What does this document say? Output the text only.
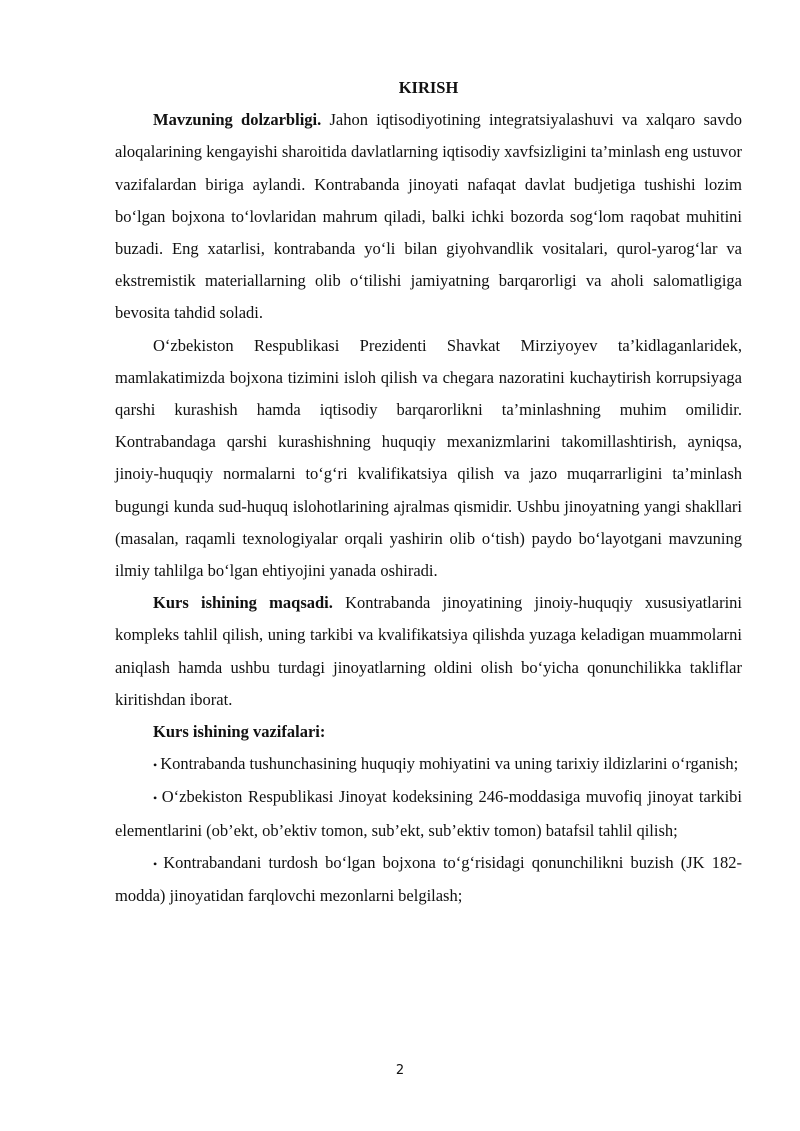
KIRISH

Mavzuning dolzarbligi. Jahon iqtisodiyotining integratsiyalashuvi va xalqaro savdo aloqalarining kengayishi sharoitida davlatlarning iqtisodiy xavfsizligini ta’minlash eng ustuvor vazifalardan biriga aylandi. Kontrabanda jinoyati nafaqat davlat budjetiga tushishi lozim bo‘lgan bojxona to‘lovlaridan mahrum qiladi, balki ichki bozorda sog‘lom raqobat muhitini buzadi. Eng xatarlisi, kontrabanda yo‘li bilan giyohvandlik vositalari, qurol-yarog‘lar va ekstremistik materiallarning olib o‘tilishi jamiyatning barqarorligi va aholi salomatligiga bevosita tahdid soladi.

O‘zbekiston Respublikasi Prezidenti Shavkat Mirziyoyev ta’kidlaganlaridek, mamlakatimizda bojxona tizimini isloh qilish va chegara nazoratini kuchaytirish korrupsiyaga qarshi kurashish hamda iqtisodiy barqarorlikni ta’minlashning muhim omilidir. Kontrabandaga qarshi kurashishning huquqiy mexanizmlarini takomillashtirish, ayniqsa, jinoiy-huquqiy normalarni to‘g‘ri kvalifikatsiya qilish va jazo muqarrarligini ta’minlash bugungi kunda sud-huquq islohotlarining ajralmas qismidir. Ushbu jinoyatning yangi shakllari (masalan, raqamli texnologiyalar orqali yashirin olib o‘tish) paydo bo‘layotgani mavzuning ilmiy tahlilga bo‘lgan ehtiyojini yanada oshiradi.

Kurs ishining maqsadi. Kontrabanda jinoyatining jinoiy-huquqiy xususiyatlarini kompleks tahlil qilish, uning tarkibi va kvalifikatsiya qilishda yuzaga keladigan muammolarni aniqlash hamda ushbu turdagi jinoyatlarning oldini olish bo‘yicha qonunchilikka takliflar kiritishdan iborat.

Kurs ishining vazifalari:

• Kontrabanda tushunchasining huquqiy mohiyatini va uning tarixiy ildizlarini o‘rganish;

• O‘zbekiston Respublikasi Jinoyat kodeksining 246-moddasiga muvofiq jinoyat tarkibi elementlarini (ob’ekt, ob’ektiv tomon, sub’ekt, sub’ektiv tomon) batafsil tahlil qilish;

• Kontrabandani turdosh bo‘lgan bojxona to‘g‘risidagi qonunchilikni buzish (JK 182-modda) jinoyatidan farqlovchi mezonlarni belgilash;

2
